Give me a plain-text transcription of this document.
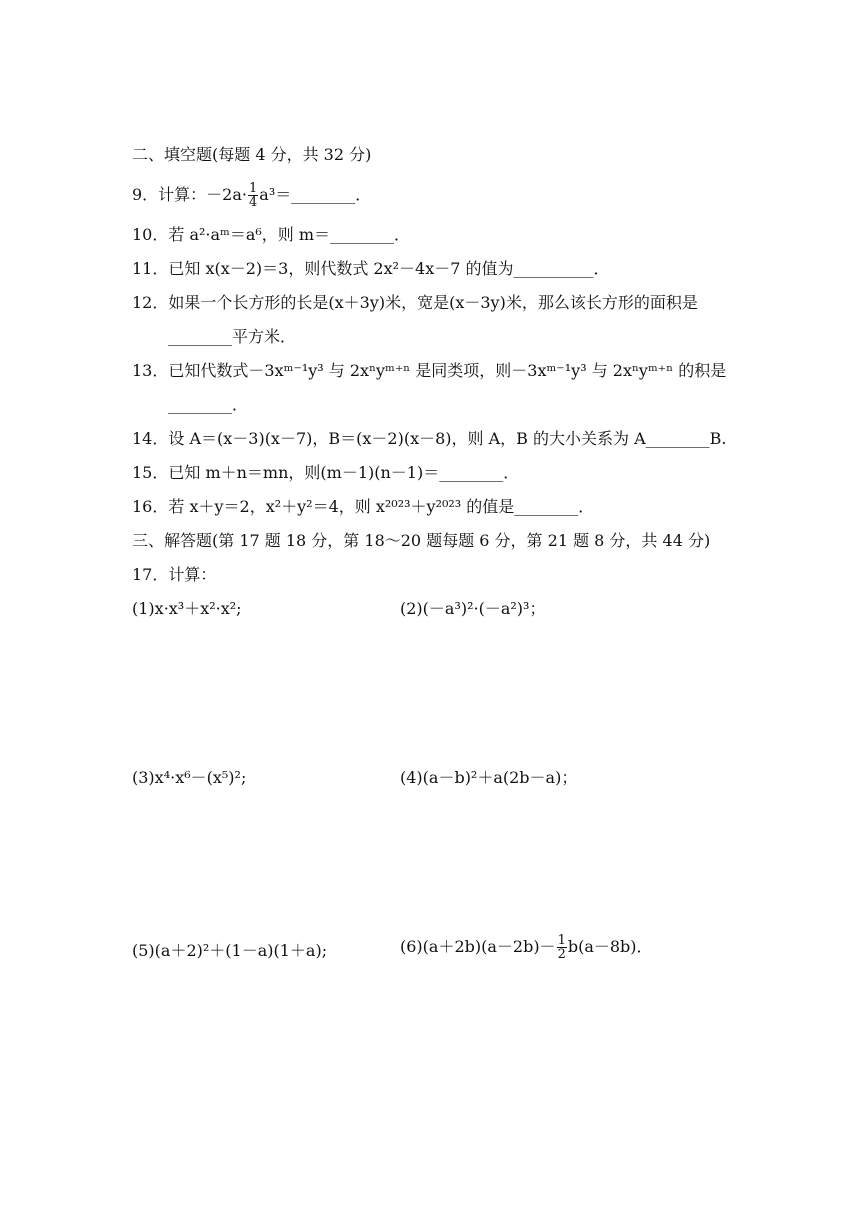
二、填空题(每题 4 分，共 32 分)
9．计算：$-2a\cdot \frac{1}{4}$ a³＝________．
10．若 a²·aᵐ＝a⁶，则 m＝________．
11．已知 x(x－2)＝3，则代数式 2x²－4x－7 的值为__________．
12．如果一个长方形的长是(x＋3y)米，宽是(x－3y)米，那么该长方形的面积是
________平方米．
13．已知代数式－3xᵐ⁻¹y³ 与 2xⁿyᵐ⁺ⁿ 是同类项，则－3xᵐ⁻¹y³ 与 2xⁿyᵐ⁺ⁿ 的积是
________．
14．设 A＝(x－3)(x－7)，B＝(x－2)(x－8)，则 A，B 的大小关系为 A________B.
15．已知 m＋n＝mn，则(m－1)(n－1)＝________．
16．若 x＋y＝2，x²＋y²＝4，则 x²⁰²³＋y²⁰²³ 的值是________．
三、解答题(第 17 题 18 分，第 18～20 题每题 6 分，第 21 题 8 分，共 44 分)
17．计算：
(1)x·x³＋x²·x²;	(2)(－a³)²·(－a²)³；
(3)x⁴·x⁶－(x⁵)²;	(4)(a－b)²＋a(2b－a)；
(5)(a＋2)²＋(1－a)(1＋a);	$(6)(a+2b)(a-2b)- \frac{1}{2} b(a-8b)$．
